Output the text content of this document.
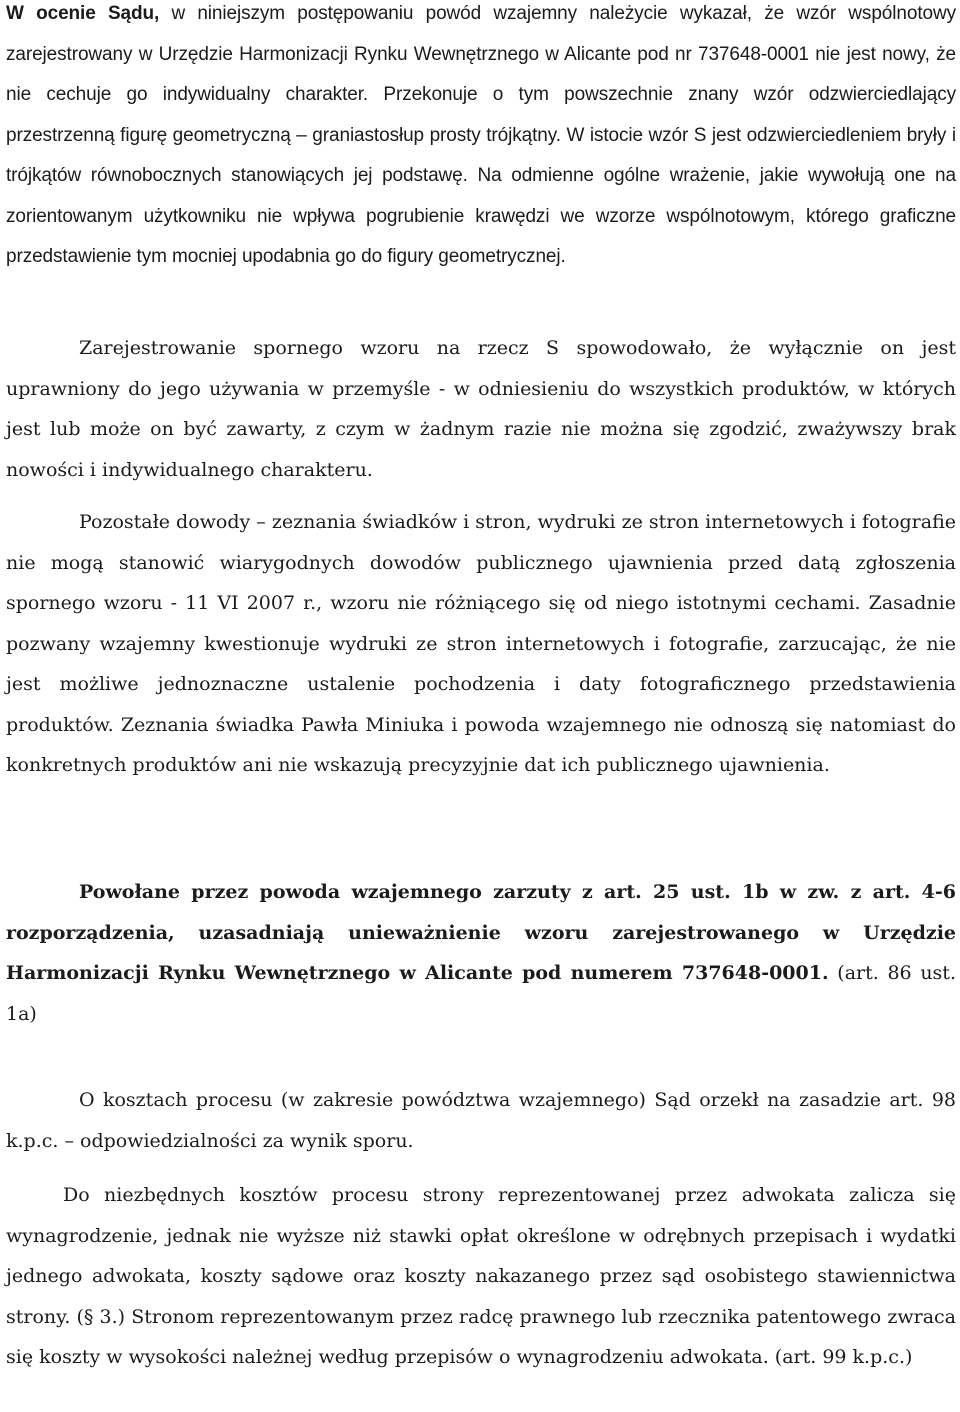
W ocenie Sądu, w niniejszym postępowaniu powód wzajemny należycie wykazał, że wzór wspólnotowy zarejestrowany w Urzędzie Harmonizacji Rynku Wewnętrznego w Alicante pod nr 737648-0001 nie jest nowy, że nie cechuje go indywidualny charakter. Przekonuje o tym powszechnie znany wzór odzwierciedlający przestrzenną figurę geometryczną – graniastosłup prosty trójkątny. W istocie wzór S jest odzwierciedleniem bryły i trójkątów równobocznych stanowiących jej podstawę. Na odmienne ogólne wrażenie, jakie wywołują one na zorientowanym użytkowniku nie wpływa pogrubienie krawędzi we wzorze wspólnotowym, którego graficzne przedstawienie tym mocniej upodabnia go do figury geometrycznej.

Zarejestrowanie spornego wzoru na rzecz S spowodowało, że wyłącznie on jest uprawniony do jego używania w przemyśle - w odniesieniu do wszystkich produktów, w których jest lub może on być zawarty, z czym w żadnym razie nie można się zgodzić, zważywszy brak nowości i indywidualnego charakteru.

Pozostałe dowody – zeznania świadków i stron, wydruki ze stron internetowych i fotografie nie mogą stanowić wiarygodnych dowodów publicznego ujawnienia przed datą zgłoszenia spornego wzoru - 11 VI 2007 r., wzoru nie różniącego się od niego istotnymi cechami. Zasadnie pozwany wzajemny kwestionuje wydruki ze stron internetowych i fotografie, zarzucając, że nie jest możliwe jednoznaczne ustalenie pochodzenia i daty fotograficznego przedstawienia produktów. Zeznania świadka Pawła Miniuka i powoda wzajemnego nie odnoszą się natomiast do konkretnych produktów ani nie wskazują precyzyjnie dat ich publicznego ujawnienia.

Powołane przez powoda wzajemnego zarzuty z art. 25 ust. 1b w zw. z art. 4-6 rozporządzenia, uzasadniają unieważnienie wzoru zarejestrowanego w Urzędzie Harmonizacji Rynku Wewnętrznego w Alicante pod numerem 737648-0001. (art. 86 ust. 1a)

O kosztach procesu (w zakresie powództwa wzajemnego) Sąd orzekł na zasadzie art. 98 k.p.c. – odpowiedzialności za wynik sporu.

Do niezbędnych kosztów procesu strony reprezentowanej przez adwokata zalicza się wynagrodzenie, jednak nie wyższe niż stawki opłat określone w odrębnych przepisach i wydatki jednego adwokata, koszty sądowe oraz koszty nakazanego przez sąd osobistego stawiennictwa strony. (§ 3.) Stronom reprezentowanym przez radcę prawnego lub rzecznika patentowego zwraca się koszty w wysokości należnej według przepisów o wynagrodzeniu adwokata. (art. 99 k.p.c.)
